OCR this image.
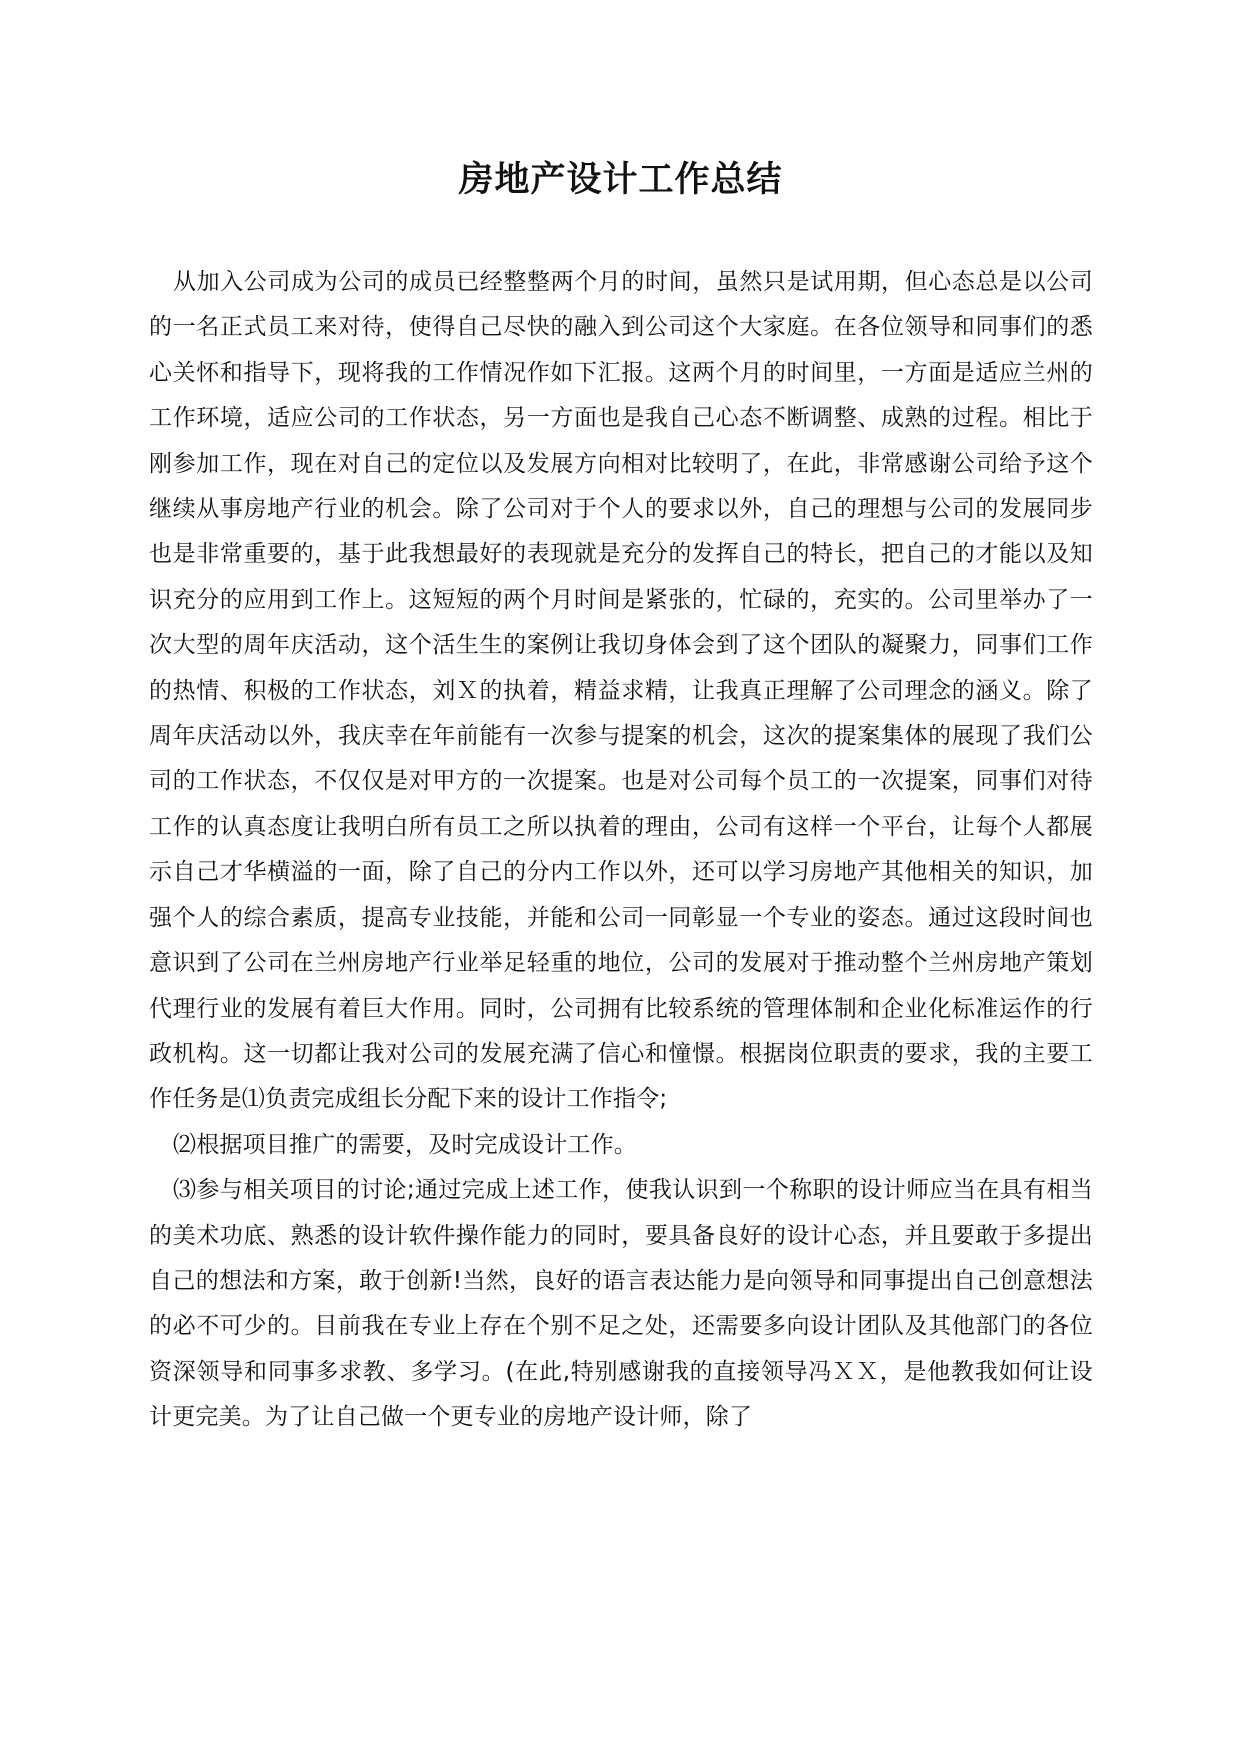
房地产设计工作总结

从加入公司成为公司的成员已经整整两个月的时间，虽然只是试用期，但心态总是以公司的一名正式员工来对待，使得自己尽快的融入到公司这个大家庭。在各位领导和同事们的悉心关怀和指导下，现将我的工作情况作如下汇报。这两个月的时间里，一方面是适应兰州的工作环境，适应公司的工作状态，另一方面也是我自己心态不断调整、成熟的过程。相比于刚参加工作，现在对自己的定位以及发展方向相对比较明了，在此，非常感谢公司给予这个继续从事房地产行业的机会。除了公司对于个人的要求以外，自己的理想与公司的发展同步也是非常重要的，基于此我想最好的表现就是充分的发挥自己的特长，把自己的才能以及知识充分的应用到工作上。这短短的两个月时间是紧张的，忙碌的，充实的。公司里举办了一次大型的周年庆活动，这个活生生的案例让我切身体会到了这个团队的凝聚力，同事们工作的热情、积极的工作状态，刘Ｘ的执着，精益求精，让我真正理解了公司理念的涵义。除了周年庆活动以外，我庆幸在年前能有一次参与提案的机会，这次的提案集体的展现了我们公司的工作状态，不仅仅是对甲方的一次提案。也是对公司每个员工的一次提案，同事们对待工作的认真态度让我明白所有员工之所以执着的理由，公司有这样一个平台，让每个人都展示自己才华横溢的一面，除了自己的分内工作以外，还可以学习房地产其他相关的知识，加强个人的综合素质，提高专业技能，并能和公司一同彰显一个专业的姿态。通过这段时间也意识到了公司在兰州房地产行业举足轻重的地位，公司的发展对于推动整个兰州房地产策划代理行业的发展有着巨大作用。同时，公司拥有比较系统的管理体制和企业化标准运作的行政机构。这一切都让我对公司的发展充满了信心和憧憬。根据岗位职责的要求，我的主要工作任务是⑴负责完成组长分配下来的设计工作指令;

⑵根据项目推广的需要，及时完成设计工作。

⑶参与相关项目的讨论;通过完成上述工作，使我认识到一个称职的设计师应当在具有相当的美术功底、熟悉的设计软件操作能力的同时，要具备良好的设计心态，并且要敢于多提出自己的想法和方案，敢于创新!当然，良好的语言表达能力是向领导和同事提出自己创意想法的必不可少的。目前我在专业上存在个别不足之处，还需要多向设计团队及其他部门的各位资深领导和同事多求教、多学习。(在此,特别感谢我的直接领导冯ＸＸ，是他教我如何让设计更完美。为了让自己做一个更专业的房地产设计师，除了
